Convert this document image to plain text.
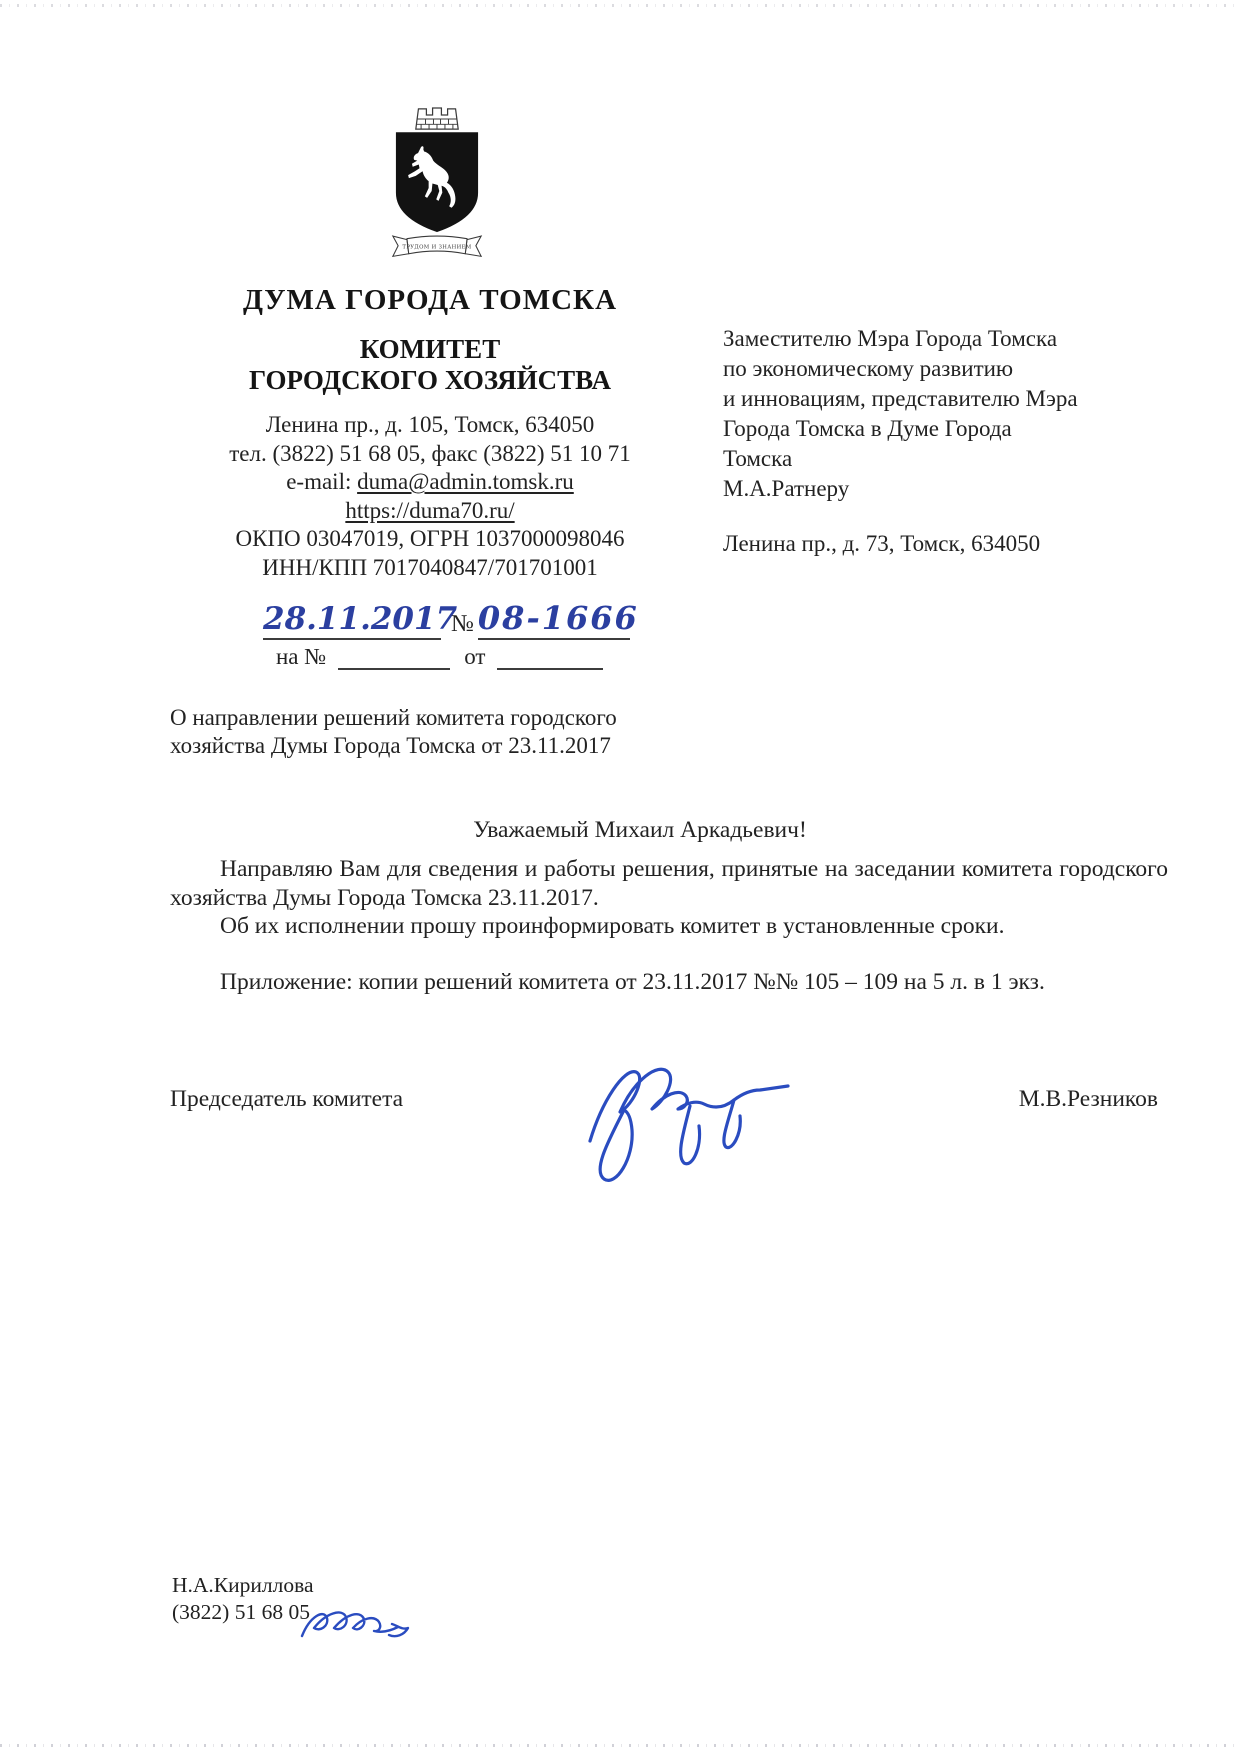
ТРУДОМ И ЗНАНИЕМ
ДУМА ГОРОДА ТОМСКА
КОМИТЕТ
ГОРОДСКОГО ХОЗЯЙСТВА
Ленина пр., д. 105, Томск, 634050
тел. (3822) 51 68 05, факс (3822) 51 10 71
e-mail: duma@admin.tomsk.ru
https://duma70.ru/
ОКПО 03047019, ОГРН 1037000098046
ИНН/КПП 7017040847/701701001
Заместителю Мэра Города Томска
по экономическому развитию
и инновациям, представителю Мэра
Города Томска в Думе Города Томска
М.А.Ратнеру
Ленина пр., д. 73, Томск, 634050
28.11.2017
№ 08-1666
на №	от
О направлении решений комитета городского
хозяйства Думы Города Томска от 23.11.2017
Уважаемый Михаил Аркадьевич!

Направляю Вам для сведения и работы решения, принятые на заседании комитета городского хозяйства Думы Города Томска 23.11.2017.

Об их исполнении прошу проинформировать комитет в установленные сроки.

Приложение: копии решений комитета от 23.11.2017 №№ 105 – 109 на 5 л. в 1 экз.
Председатель комитета	М.В.Резников
Н.А.Кириллова
(3822) 51 68 05
